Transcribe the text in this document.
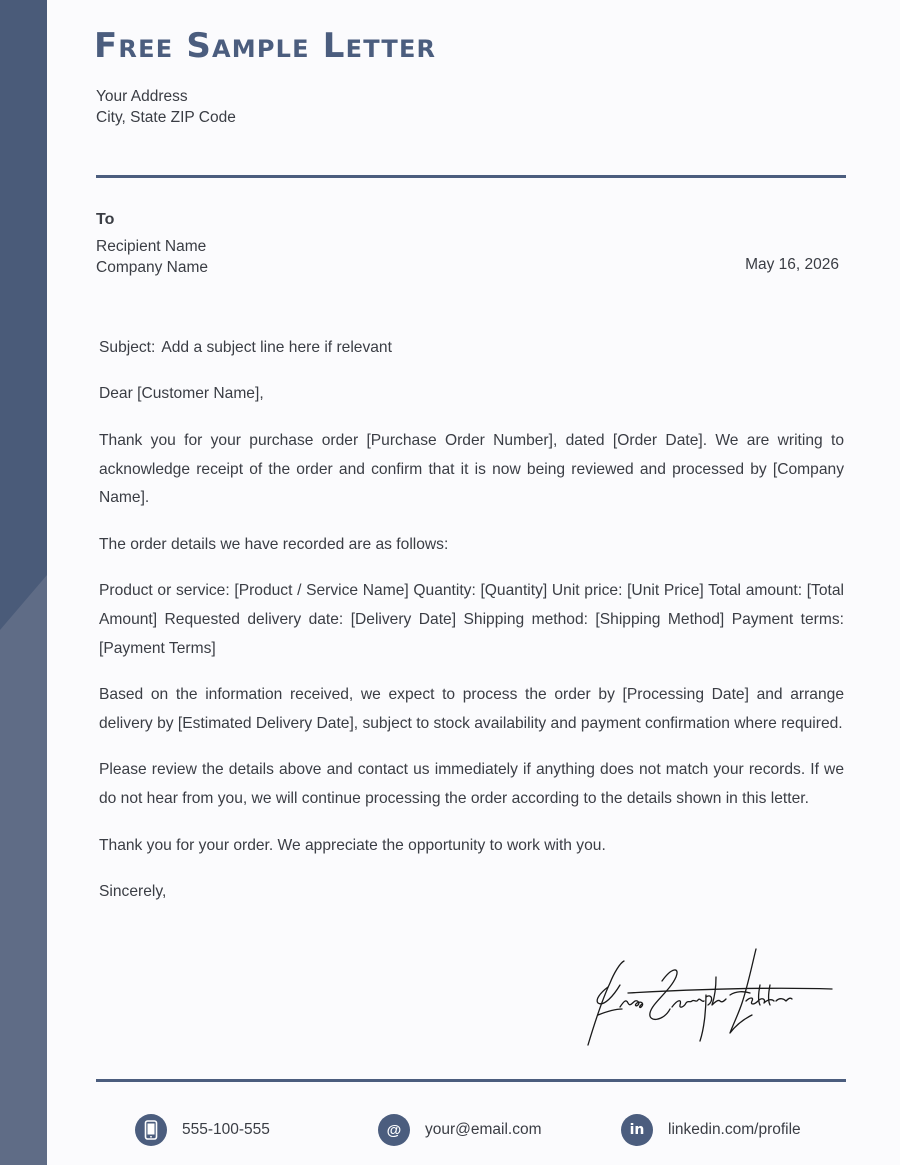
Free Sample Letter
Your Address
City, State ZIP Code
To
Recipient Name
Company Name	May 16, 2026

Subject: Add a subject line here if relevant

Dear [Customer Name],

Thank you for your purchase order [Purchase Order Number], dated [Order Date]. We are writing to acknowledge receipt of the order and confirm that it is now being reviewed and processed by [Company Name].

The order details we have recorded are as follows:

Product or service: [Product / Service Name] Quantity: [Quantity] Unit price: [Unit Price] Total amount: [Total Amount] Requested delivery date: [Delivery Date] Shipping method: [Shipping Method] Payment terms: [Payment Terms]

Based on the information received, we expect to process the order by [Processing Date] and arrange delivery by [Estimated Delivery Date], subject to stock availability and payment confirmation where required.

Please review the details above and contact us immediately if anything does not match your records. If we do not hear from you, we will continue processing the order according to the details shown in this letter.

Thank you for your order. We appreciate the opportunity to work with you.

Sincerely,

555-100-555	@	your@email.com	in	linkedin.com/profile
